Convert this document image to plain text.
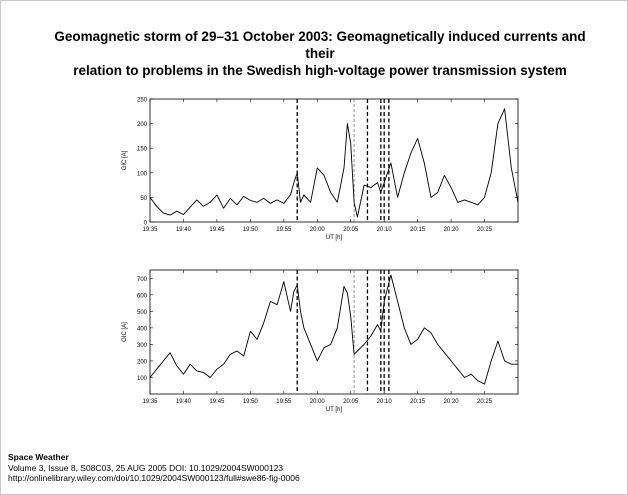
Geomagnetic storm of 29–31 October 2003: Geomagnetically induced currents and their
relation to problems in the Swedish high-voltage power transmission system
0
50
100
150
200
250
19:35	19:40	19:45	19:50	19:55	20:00	20:05	20:10	20:15	20:20	20:25
UT [h]
GIC [A]
100
200
300
400
500
600
700
19:35	19:40	19:45	19:50	19:55	20:00	20:05	20:10	20:15	20:20	20:25
UT [h]
GIC [A]
Space Weather
Volume 3, Issue 8, S08C03, 25 AUG 2005 DOI: 10.1029/2004SW000123
http://onlinelibrary.wiley.com/doi/10.1029/2004SW000123/full#swe86-fig-0006
